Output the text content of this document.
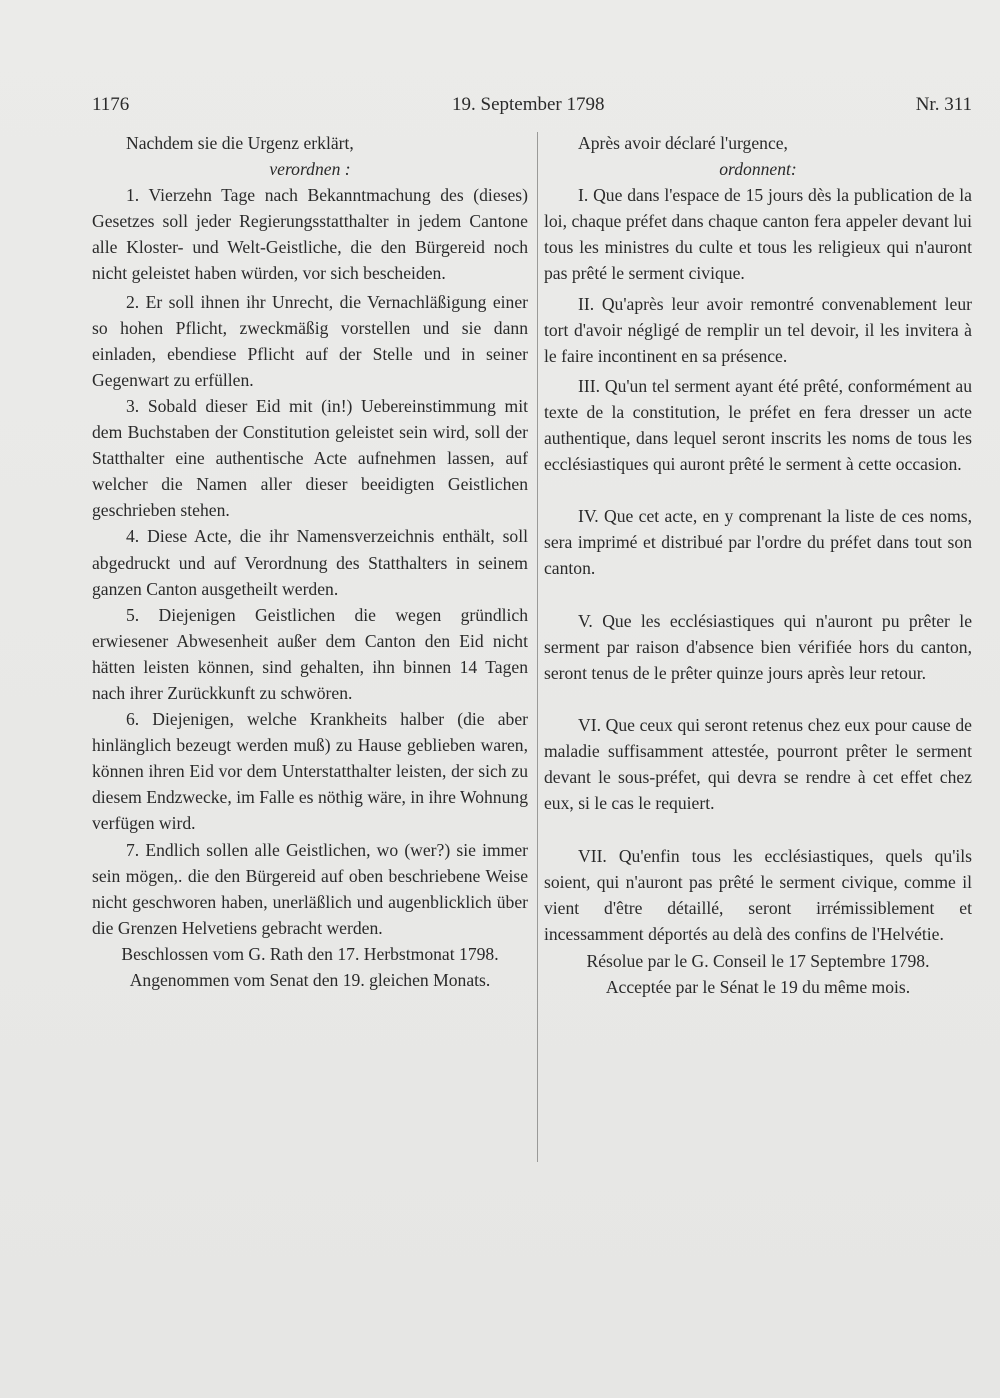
1176	19. September 1798	Nr. 311

Nachdem sie die Urgenz erklärt,

verordnen :

1. Vierzehn Tage nach Bekanntmachung des (dieses) Gesetzes soll jeder Regierungsstatthalter in jedem Cantone alle Kloster- und Welt-Geistliche, die den Bürgereid noch nicht geleistet haben würden, vor sich bescheiden.

2. Er soll ihnen ihr Unrecht, die Vernachläßigung einer so hohen Pflicht, zweckmäßig vorstellen und sie dann einladen, ebendiese Pflicht auf der Stelle und in seiner Gegenwart zu erfüllen.

3. Sobald dieser Eid mit (in!) Uebereinstimmung mit dem Buchstaben der Constitution geleistet sein wird, soll der Statthalter eine authentische Acte aufnehmen lassen, auf welcher die Namen aller dieser beeidigten Geistlichen geschrieben stehen.

4. Diese Acte, die ihr Namensverzeichnis enthält, soll abgedruckt und auf Verordnung des Statthalters in seinem ganzen Canton ausgetheilt werden.

5. Diejenigen Geistlichen die wegen gründlich erwiesener Abwesenheit außer dem Canton den Eid nicht hätten leisten können, sind gehalten, ihn binnen 14 Tagen nach ihrer Zurückkunft zu schwören.

6. Diejenigen, welche Krankheits halber (die aber hinlänglich bezeugt werden muß) zu Hause geblieben waren, können ihren Eid vor dem Unterstatthalter leisten, der sich zu diesem Endzwecke, im Falle es nöthig wäre, in ihre Wohnung verfügen wird.

7. Endlich sollen alle Geistlichen, wo (wer?) sie immer sein mögen,. die den Bürgereid auf oben beschriebene Weise nicht geschworen haben, unerläßlich und augenblicklich über die Grenzen Helvetiens gebracht werden.

Beschlossen vom G. Rath den 17. Herbstmonat 1798.

Angenommen vom Senat den 19. gleichen Monats.

Après avoir déclaré l'urgence,

ordonnent:

I. Que dans l'espace de 15 jours dès la publication de la loi, chaque préfet dans chaque canton fera appeler devant lui tous les ministres du culte et tous les religieux qui n'auront pas prêté le serment civique.

II. Qu'après leur avoir remontré convenablement leur tort d'avoir négligé de remplir un tel devoir, il les invitera à le faire incontinent en sa présence.

III. Qu'un tel serment ayant été prêté, conformément au texte de la constitution, le préfet en fera dresser un acte authentique, dans lequel seront inscrits les noms de tous les ecclésiastiques qui auront prêté le serment à cette occasion.

IV. Que cet acte, en y comprenant la liste de ces noms, sera imprimé et distribué par l'ordre du préfet dans tout son canton.

V. Que les ecclésiastiques qui n'auront pu prêter le serment par raison d'absence bien vérifiée hors du canton, seront tenus de le prêter quinze jours après leur retour.

VI. Que ceux qui seront retenus chez eux pour cause de maladie suffisamment attestée, pourront prêter le serment devant le sous-préfet, qui devra se rendre à cet effet chez eux, si le cas le requiert.

VII. Qu'enfin tous les ecclésiastiques, quels qu'ils soient, qui n'auront pas prêté le serment civique, comme il vient d'être détaillé, seront irrémissiblement et incessamment déportés au delà des confins de l'Helvétie.

Résolue par le G. Conseil le 17 Septembre 1798.

Acceptée par le Sénat le 19 du même mois.
